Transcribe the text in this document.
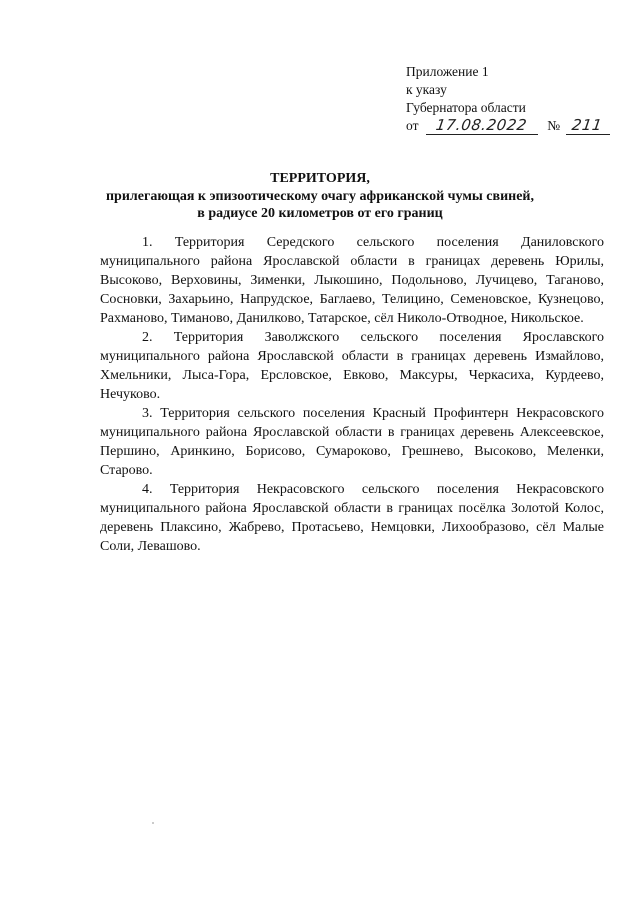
Приложение 1
к указу
Губернатора области
от 17.08.2022 № 211
ТЕРРИТОРИЯ,
прилегающая к эпизоотическому очагу африканской чумы свиней,
в радиусе 20 километров от его границ

1. Территория Середского сельского поселения Даниловского муниципального района Ярославской области в границах деревень Юрилы, Высоково, Верховины, Зименки, Лыкошино, Подольново, Лучицево, Таганово, Сосновки, Захарьино, Напрудское, Баглаево, Телицино, Семеновское, Кузнецово, Рахманово, Тиманово, Данилково, Татарское, сёл Николо-Отводное, Никольское.

2. Территория Заволжского сельского поселения Ярославского муниципального района Ярославской области в границах деревень Измайлово, Хмельники, Лыса-Гора, Ерсловское, Евково, Максуры, Черкасиха, Курдеево, Нечуково.

3. Территория сельского поселения Красный Профинтерн Некрасовского муниципального района Ярославской области в границах деревень Алексеевское, Першино, Аринкино, Борисово, Сумароково, Грешнево, Высоково, Меленки, Старово.

4. Территория Некрасовского сельского поселения Некрасовского муниципального района Ярославской области в границах посёлка Золотой Колос, деревень Плаксино, Жабрево, Протасьево, Немцовки, Лихообразово, сёл Малые Соли, Левашово.
